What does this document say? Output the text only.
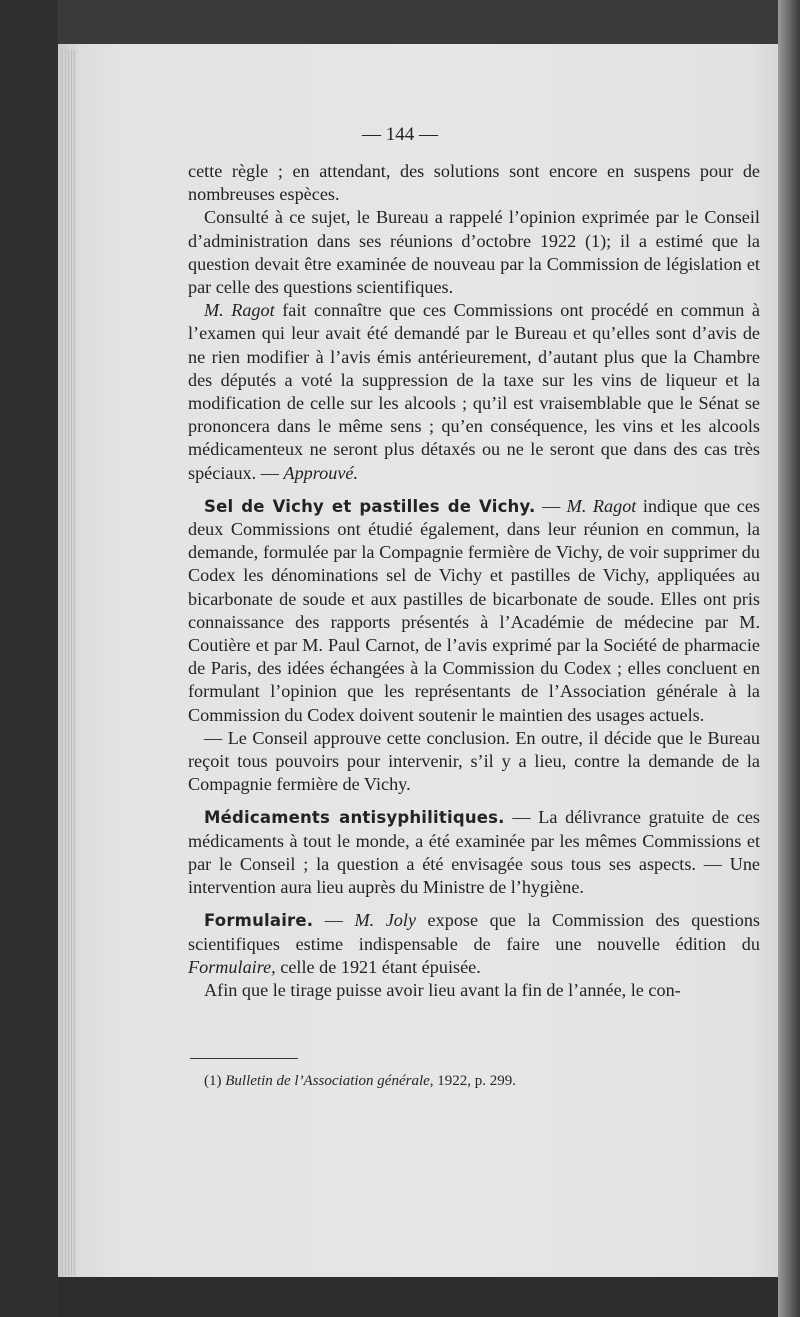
— 144 —

cette règle ; en attendant, des solutions sont encore en suspens pour de nombreuses espèces.

Consulté à ce sujet, le Bureau a rappelé l’opinion exprimée par le Conseil d’administration dans ses réunions d’octobre 1922 (1); il a estimé que la question devait être examinée de nouveau par la Commission de législation et par celle des questions scientifiques.

M. Ragot fait connaître que ces Commissions ont procédé en commun à l’examen qui leur avait été demandé par le Bureau et qu’elles sont d’avis de ne rien modifier à l’avis émis antérieurement, d’autant plus que la Chambre des députés a voté la suppression de la taxe sur les vins de liqueur et la modification de celle sur les alcools ; qu’il est vraisemblable que le Sénat se prononcera dans le même sens ; qu’en conséquence, les vins et les alcools médicamenteux ne seront plus détaxés ou ne le seront que dans des cas très spéciaux. — Approuvé.

Sel de Vichy et pastilles de Vichy. — M. Ragot indique que ces deux Commissions ont étudié également, dans leur réunion en commun, la demande, formulée par la Compagnie fermière de Vichy, de voir supprimer du Codex les dénominations sel de Vichy et pastilles de Vichy, appliquées au bicarbonate de soude et aux pastilles de bicarbonate de soude. Elles ont pris connaissance des rapports présentés à l’Académie de médecine par M. Coutière et par M. Paul Carnot, de l’avis exprimé par la Société de pharmacie de Paris, des idées échangées à la Commission du Codex ; elles concluent en formulant l’opinion que les représentants de l’Association générale à la Commission du Codex doivent soutenir le maintien des usages actuels.

— Le Conseil approuve cette conclusion. En outre, il décide que le Bureau reçoit tous pouvoirs pour intervenir, s’il y a lieu, contre la demande de la Compagnie fermière de Vichy.

Médicaments antisyphilitiques. — La délivrance gratuite de ces médicaments à tout le monde, a été examinée par les mêmes Commissions et par le Conseil ; la question a été envisagée sous tous ses aspects. — Une intervention aura lieu auprès du Ministre de l’hygiène.

Formulaire. — M. Joly expose que la Commission des questions scientifiques estime indispensable de faire une nouvelle édition du Formulaire, celle de 1921 étant épuisée.

Afin que le tirage puisse avoir lieu avant la fin de l’année, le con-

(1) Bulletin de l’Association générale, 1922, p. 299.
